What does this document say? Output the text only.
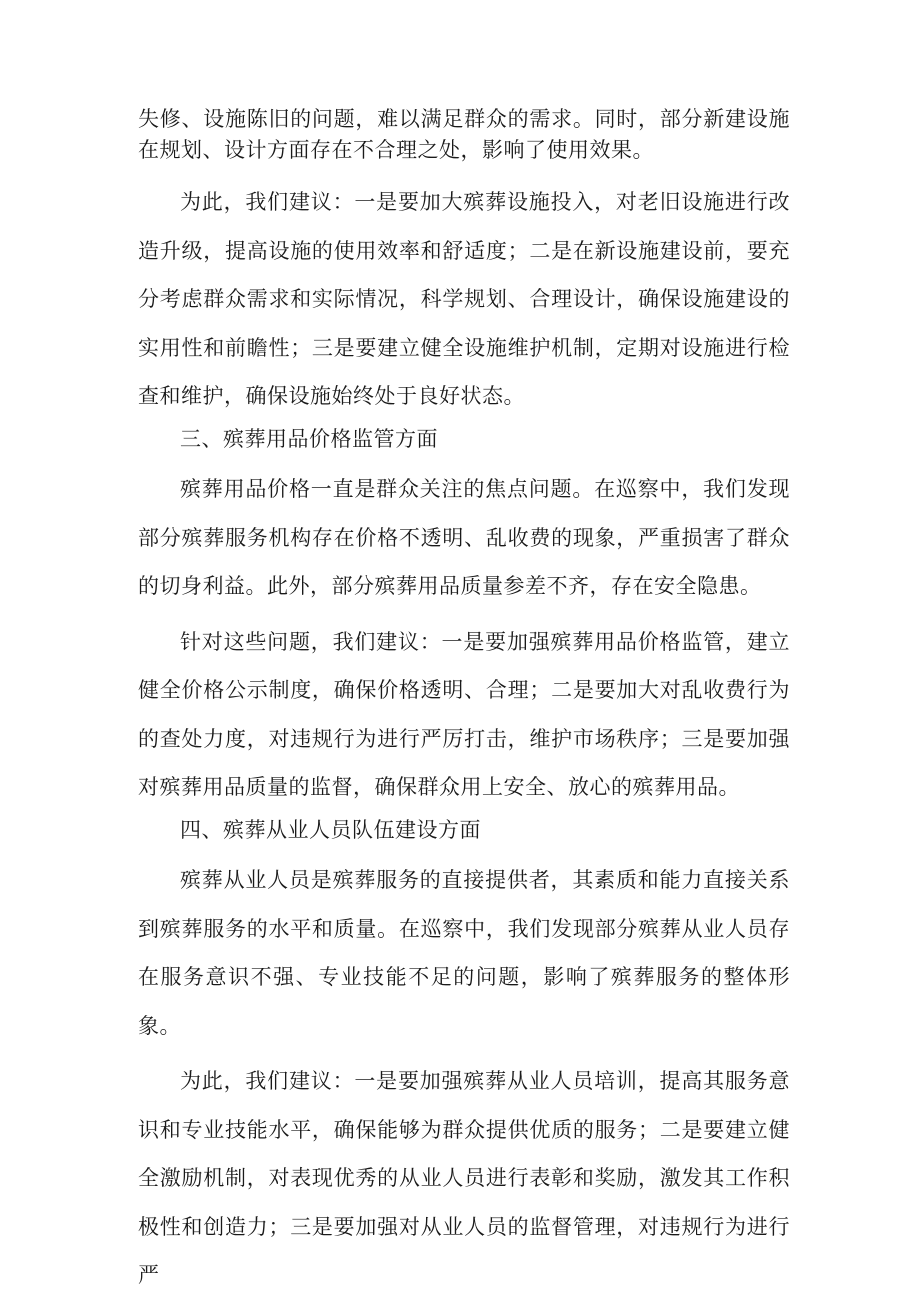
失修、设施陈旧的问题，难以满足群众的需求。同时，部分新建设施在规划、设计方面存在不合理之处，影响了使用效果。

为此，我们建议：一是要加大殡葬设施投入，对老旧设施进行改造升级，提高设施的使用效率和舒适度；二是在新设施建设前，要充分考虑群众需求和实际情况，科学规划、合理设计，确保设施建设的实用性和前瞻性；三是要建立健全设施维护机制，定期对设施进行检查和维护，确保设施始终处于良好状态。

三、殡葬用品价格监管方面

殡葬用品价格一直是群众关注的焦点问题。在巡察中，我们发现部分殡葬服务机构存在价格不透明、乱收费的现象，严重损害了群众的切身利益。此外，部分殡葬用品质量参差不齐，存在安全隐患。

针对这些问题，我们建议：一是要加强殡葬用品价格监管，建立健全价格公示制度，确保价格透明、合理；二是要加大对乱收费行为的查处力度，对违规行为进行严厉打击，维护市场秩序；三是要加强对殡葬用品质量的监督，确保群众用上安全、放心的殡葬用品。

四、殡葬从业人员队伍建设方面

殡葬从业人员是殡葬服务的直接提供者，其素质和能力直接关系到殡葬服务的水平和质量。在巡察中，我们发现部分殡葬从业人员存在服务意识不强、专业技能不足的问题，影响了殡葬服务的整体形象。

为此，我们建议：一是要加强殡葬从业人员培训，提高其服务意识和专业技能水平，确保能够为群众提供优质的服务；二是要建立健全激励机制，对表现优秀的从业人员进行表彰和奖励，激发其工作积极性和创造力；三是要加强对从业人员的监督管理，对违规行为进行严
